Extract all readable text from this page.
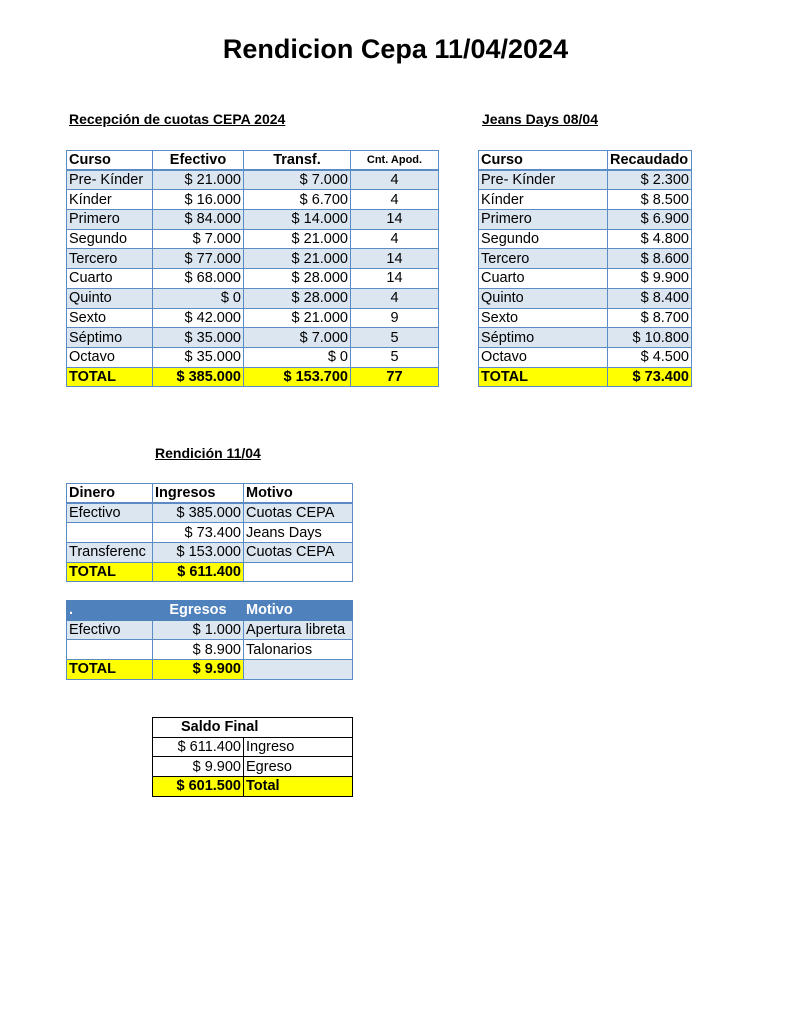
Rendicion Cepa 11/04/2024
Recepción de cuotas CEPA 2024
Curso	Efectivo	Transf.	Cnt. Apod.
Pre- Kínder	$ 21.000	$ 7.000	4
Kínder	$ 16.000	$ 6.700	4
Primero	$ 84.000	$ 14.000	14
Segundo	$ 7.000	$ 21.000	4
Tercero	$ 77.000	$ 21.000	14
Cuarto	$ 68.000	$ 28.000	14
Quinto	$ 0	$ 28.000	4
Sexto	$ 42.000	$ 21.000	9
Séptimo	$ 35.000	$ 7.000	5
Octavo	$ 35.000	$ 0	5
TOTAL	$ 385.000	$ 153.700	77
Jeans Days 08/04
Curso	Recaudado
Pre- Kínder	$ 2.300
Kínder	$ 8.500
Primero	$ 6.900
Segundo	$ 4.800
Tercero	$ 8.600
Cuarto	$ 9.900
Quinto	$ 8.400
Sexto	$ 8.700
Séptimo	$ 10.800
Octavo	$ 4.500
TOTAL	$ 73.400
Rendición 11/04
Dinero	Ingresos	Motivo
Efectivo	$ 385.000	Cuotas CEPA
	$ 73.400	Jeans Days
Transferenc	$ 153.000	Cuotas CEPA
TOTAL	$ 611.400	
.	Egresos	Motivo
Efectivo	$ 1.000	Apertura libreta
	$ 8.900	Talonarios
TOTAL	$ 9.900	
Saldo Final	
$ 611.400	Ingreso
$ 9.900	Egreso
$ 601.500	Total
